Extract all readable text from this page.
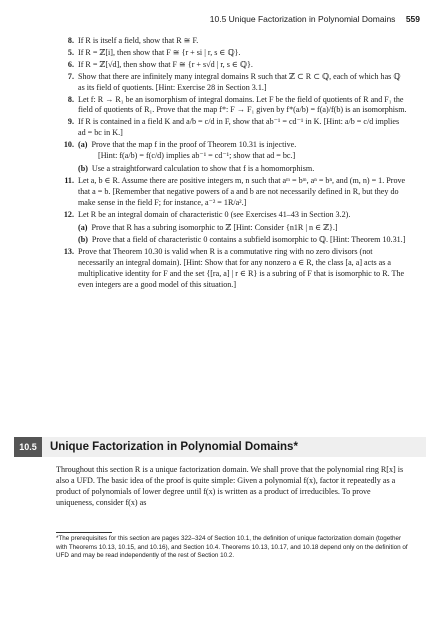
10.5 Unique Factorization in Polynomial Domains 559
8. If R is itself a field, show that R ≅ F.

5. If R = ℤ[i], then show that F ≅ {r + si | r, s ∈ ℚ}.

6. If R = ℤ[√d], then show that F ≅ {r + s√d | r, s ∈ ℚ}.

7. Show that there are infinitely many integral domains R such that ℤ ⊂ R ⊂ ℚ, each of which has ℚ as its field of quotients. [Hint: Exercise 28 in Section 3.1.]

8. Let f: R → R₁ be an isomorphism of integral domains. Let F be the field of quotients of R and F₁ the field of quotients of R₁. Prove that the map f*: F → F₁ given by f*(a/b) = f(a)/f(b) is an isomorphism.

9. If R is contained in a field K and a/b = c/d in F, show that ab⁻¹ = cd⁻¹ in K. [Hint: a/b = c/d implies ad = bc in K.]

10. (a) Prove that the map f in the proof of Theorem 10.31 is injective.
[Hint: f(a/b) = f(c/d) implies ab⁻¹ = cd⁻¹; show that ad = bc.]
(b) Use a straightforward calculation to show that f is a homomorphism.
11. Let a, b ∈ R. Assume there are positive integers m, n such that aᵐ = bᵐ, aⁿ = bⁿ, and (m, n) = 1. Prove that a = b. [Remember that negative powers of a and b are not necessarily defined in R, but they do make sense in the field F; for instance, a⁻² = 1R/a².]

12. Let R be an integral domain of characteristic 0 (see Exercises 41–43 in Section 3.2).

(a) Prove that R has a subring isomorphic to ℤ [Hint: Consider {n1R | n ∈ ℤ}.]
(b) Prove that a field of characteristic 0 contains a subfield isomorphic to ℚ. [Hint: Theorem 10.31.]
13. Prove that Theorem 10.30 is valid when R is a commutative ring with no zero divisors (not necessarily an integral domain). [Hint: Show that for any nonzero a ∈ R, the class [a, a] acts as a multiplicative identity for F and the set {[ra, a] | r ∈ R} is a subring of F that is isomorphic to R. The even integers are a good model of this situation.]

10.5	Unique Factorization in Polynomial Domains*

Throughout this section R is a unique factorization domain. We shall prove that the polynomial ring R[x] is also a UFD. The basic idea of the proof is quite simple: Given a polynomial f(x), factor it repeatedly as a product of polynomials of lower degree until f(x) is written as a product of irreducibles. To prove uniqueness, consider f(x) as

*The prerequisites for this section are pages 322–324 of Section 10.1, the definition of unique factorization domain (together with Theorems 10.13, 10.15, and 10.16), and Section 10.4. Theorems 10.13, 10.17, and 10.18 depend only on the definition of UFD and may be read independently of the rest of Section 10.2.
